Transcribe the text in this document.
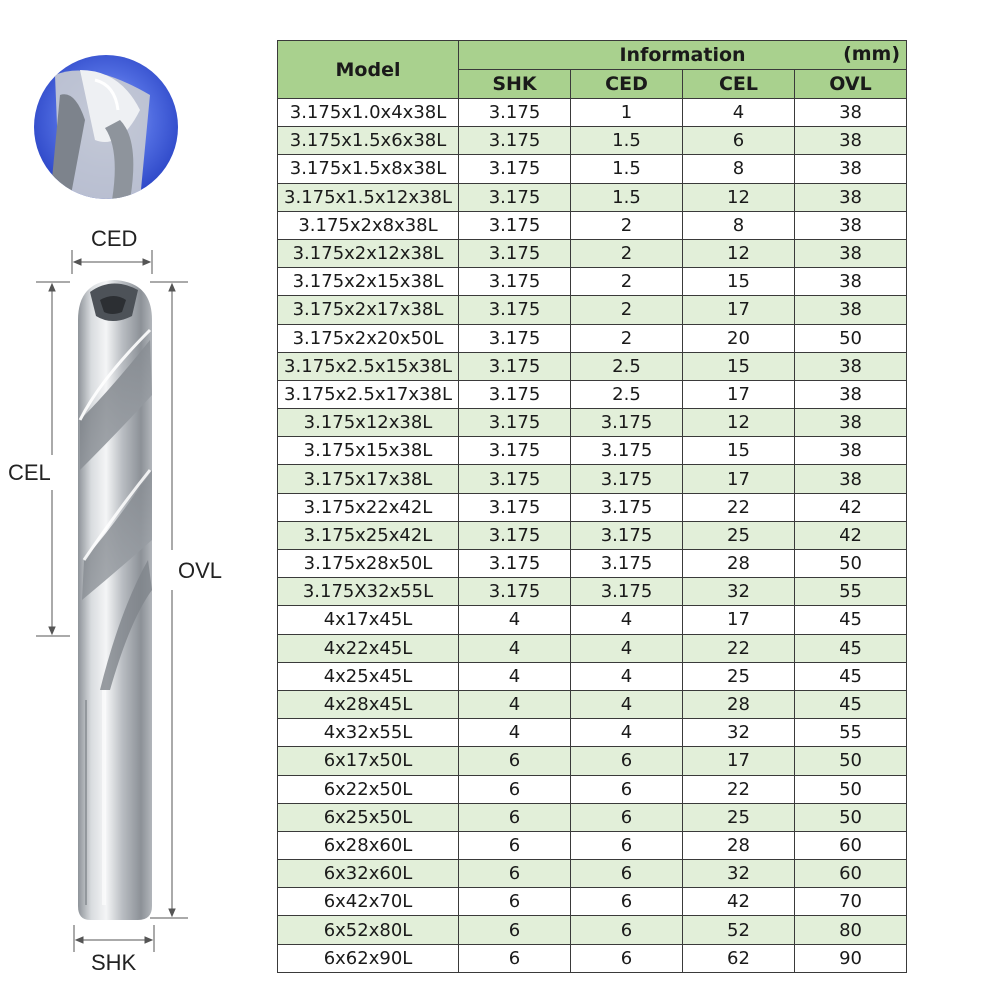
CED
CEL
OVL
SHK
Model	Information (mm)			

	SHK	CED	CEL	OVL
3.175x1.0x4x38L	3.175	1	4	38
3.175x1.5x6x38L	3.175	1.5	6	38
3.175x1.5x8x38L	3.175	1.5	8	38
3.175x1.5x12x38L	3.175	1.5	12	38
3.175x2x8x38L	3.175	2	8	38
3.175x2x12x38L	3.175	2	12	38
3.175x2x15x38L	3.175	2	15	38
3.175x2x17x38L	3.175	2	17	38
3.175x2x20x50L	3.175	2	20	50
3.175x2.5x15x38L	3.175	2.5	15	38
3.175x2.5x17x38L	3.175	2.5	17	38
3.175x12x38L	3.175	3.175	12	38
3.175x15x38L	3.175	3.175	15	38
3.175x17x38L	3.175	3.175	17	38
3.175x22x42L	3.175	3.175	22	42
3.175x25x42L	3.175	3.175	25	42
3.175x28x50L	3.175	3.175	28	50
3.175X32x55L	3.175	3.175	32	55
4x17x45L	4	4	17	45
4x22x45L	4	4	22	45
4x25x45L	4	4	25	45
4x28x45L	4	4	28	45
4x32x55L	4	4	32	55
6x17x50L	6	6	17	50
6x22x50L	6	6	22	50
6x25x50L	6	6	25	50
6x28x60L	6	6	28	60
6x32x60L	6	6	32	60
6x42x70L	6	6	42	70
6x52x80L	6	6	52	80
6x62x90L	6	6	62	90
